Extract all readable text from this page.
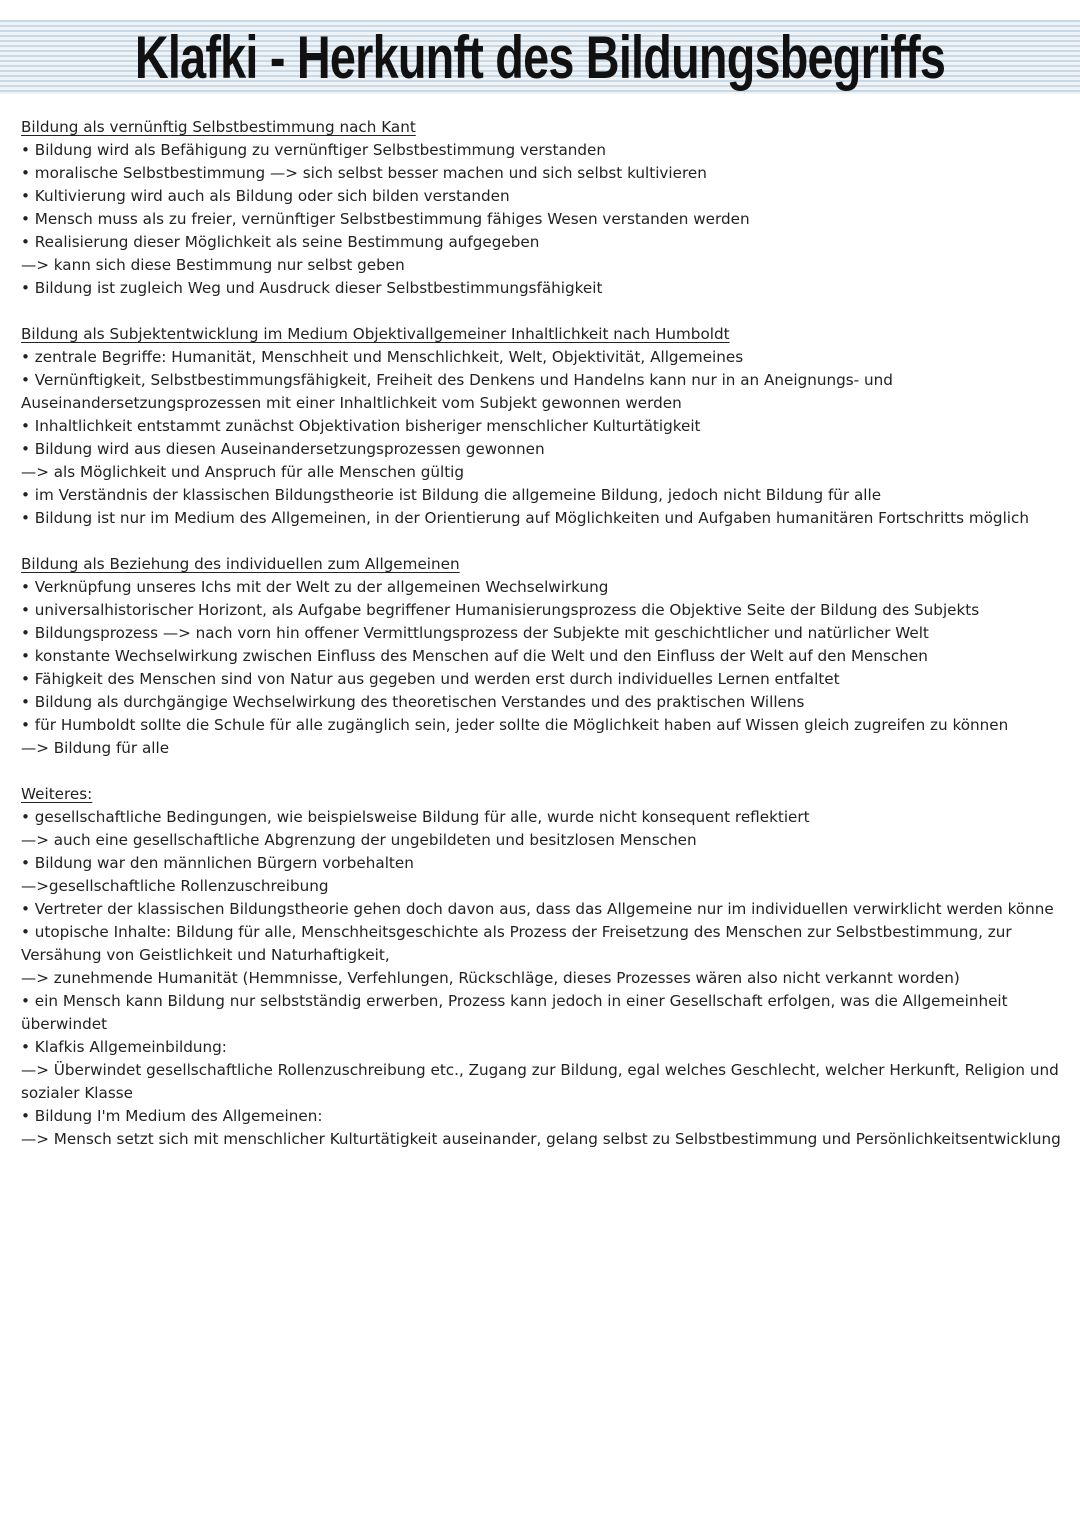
Klafki - Herkunft des Bildungsbegriffs
Bildung als vernünftig Selbstbestimmung nach Kant
• Bildung wird als Befähigung zu vernünftiger Selbstbestimmung verstanden
• moralische Selbstbestimmung —> sich selbst besser machen und sich selbst kultivieren
• Kultivierung wird auch als Bildung oder sich bilden verstanden
• Mensch muss als zu freier, vernünftiger Selbstbestimmung fähiges Wesen verstanden werden
• Realisierung dieser Möglichkeit als seine Bestimmung aufgegeben
—> kann sich diese Bestimmung nur selbst geben
• Bildung ist zugleich Weg und Ausdruck dieser Selbstbestimmungsfähigkeit
Bildung als Subjektentwicklung im Medium Objektivallgemeiner Inhaltlichkeit nach Humboldt
• zentrale Begriffe: Humanität, Menschheit und Menschlichkeit, Welt, Objektivität, Allgemeines
• Vernünftigkeit, Selbstbestimmungsfähigkeit, Freiheit des Denkens und Handelns kann nur in an Aneignungs- und Auseinandersetzungsprozessen mit einer Inhaltlichkeit vom Subjekt gewonnen werden
• Inhaltlichkeit entstammt zunächst Objektivation bisheriger menschlicher Kulturtätigkeit
• Bildung wird aus diesen Auseinandersetzungsprozessen gewonnen
—> als Möglichkeit und Anspruch für alle Menschen gültig
• im Verständnis der klassischen Bildungstheorie ist Bildung die allgemeine Bildung, jedoch nicht Bildung für alle
• Bildung ist nur im Medium des Allgemeinen, in der Orientierung auf Möglichkeiten und Aufgaben humanitären Fortschritts möglich
Bildung als Beziehung des individuellen zum Allgemeinen
• Verknüpfung unseres Ichs mit der Welt zu der allgemeinen Wechselwirkung
• universalhistorischer Horizont, als Aufgabe begriffener Humanisierungsprozess die Objektive Seite der Bildung des Subjekts
• Bildungsprozess —> nach vorn hin offener Vermittlungsprozess der Subjekte mit geschichtlicher und natürlicher Welt
• konstante Wechselwirkung zwischen Einfluss des Menschen auf die Welt und den Einfluss der Welt auf den Menschen
• Fähigkeit des Menschen sind von Natur aus gegeben und werden erst durch individuelles Lernen entfaltet
• Bildung als durchgängige Wechselwirkung des theoretischen Verstandes und des praktischen Willens
• für Humboldt sollte die Schule für alle zugänglich sein, jeder sollte die Möglichkeit haben auf Wissen gleich zugreifen zu können
—> Bildung für alle
Weiteres:
• gesellschaftliche Bedingungen, wie beispielsweise Bildung für alle, wurde nicht konsequent reflektiert
—> auch eine gesellschaftliche Abgrenzung der ungebildeten und besitzlosen Menschen
• Bildung war den männlichen Bürgern vorbehalten
—>gesellschaftliche Rollenzuschreibung
• Vertreter der klassischen Bildungstheorie gehen doch davon aus, dass das Allgemeine nur im individuellen verwirklicht werden könne
• utopische Inhalte: Bildung für alle, Menschheitsgeschichte als Prozess der Freisetzung des Menschen zur Selbstbestimmung, zur Versähung von Geistlichkeit und Naturhaftigkeit,
—> zunehmende Humanität (Hemmnisse, Verfehlungen, Rückschläge, dieses Prozesses wären also nicht verkannt worden)
• ein Mensch kann Bildung nur selbstständig erwerben, Prozess kann jedoch in einer Gesellschaft erfolgen, was die Allgemeinheit überwindet
• Klafkis Allgemeinbildung:
—> Überwindet gesellschaftliche Rollenzuschreibung etc., Zugang zur Bildung, egal welches Geschlecht, welcher Herkunft, Religion und sozialer Klasse
• Bildung I'm Medium des Allgemeinen:
—> Mensch setzt sich mit menschlicher Kulturtätigkeit auseinander, gelang selbst zu Selbstbestimmung und Persönlichkeitsentwicklung
